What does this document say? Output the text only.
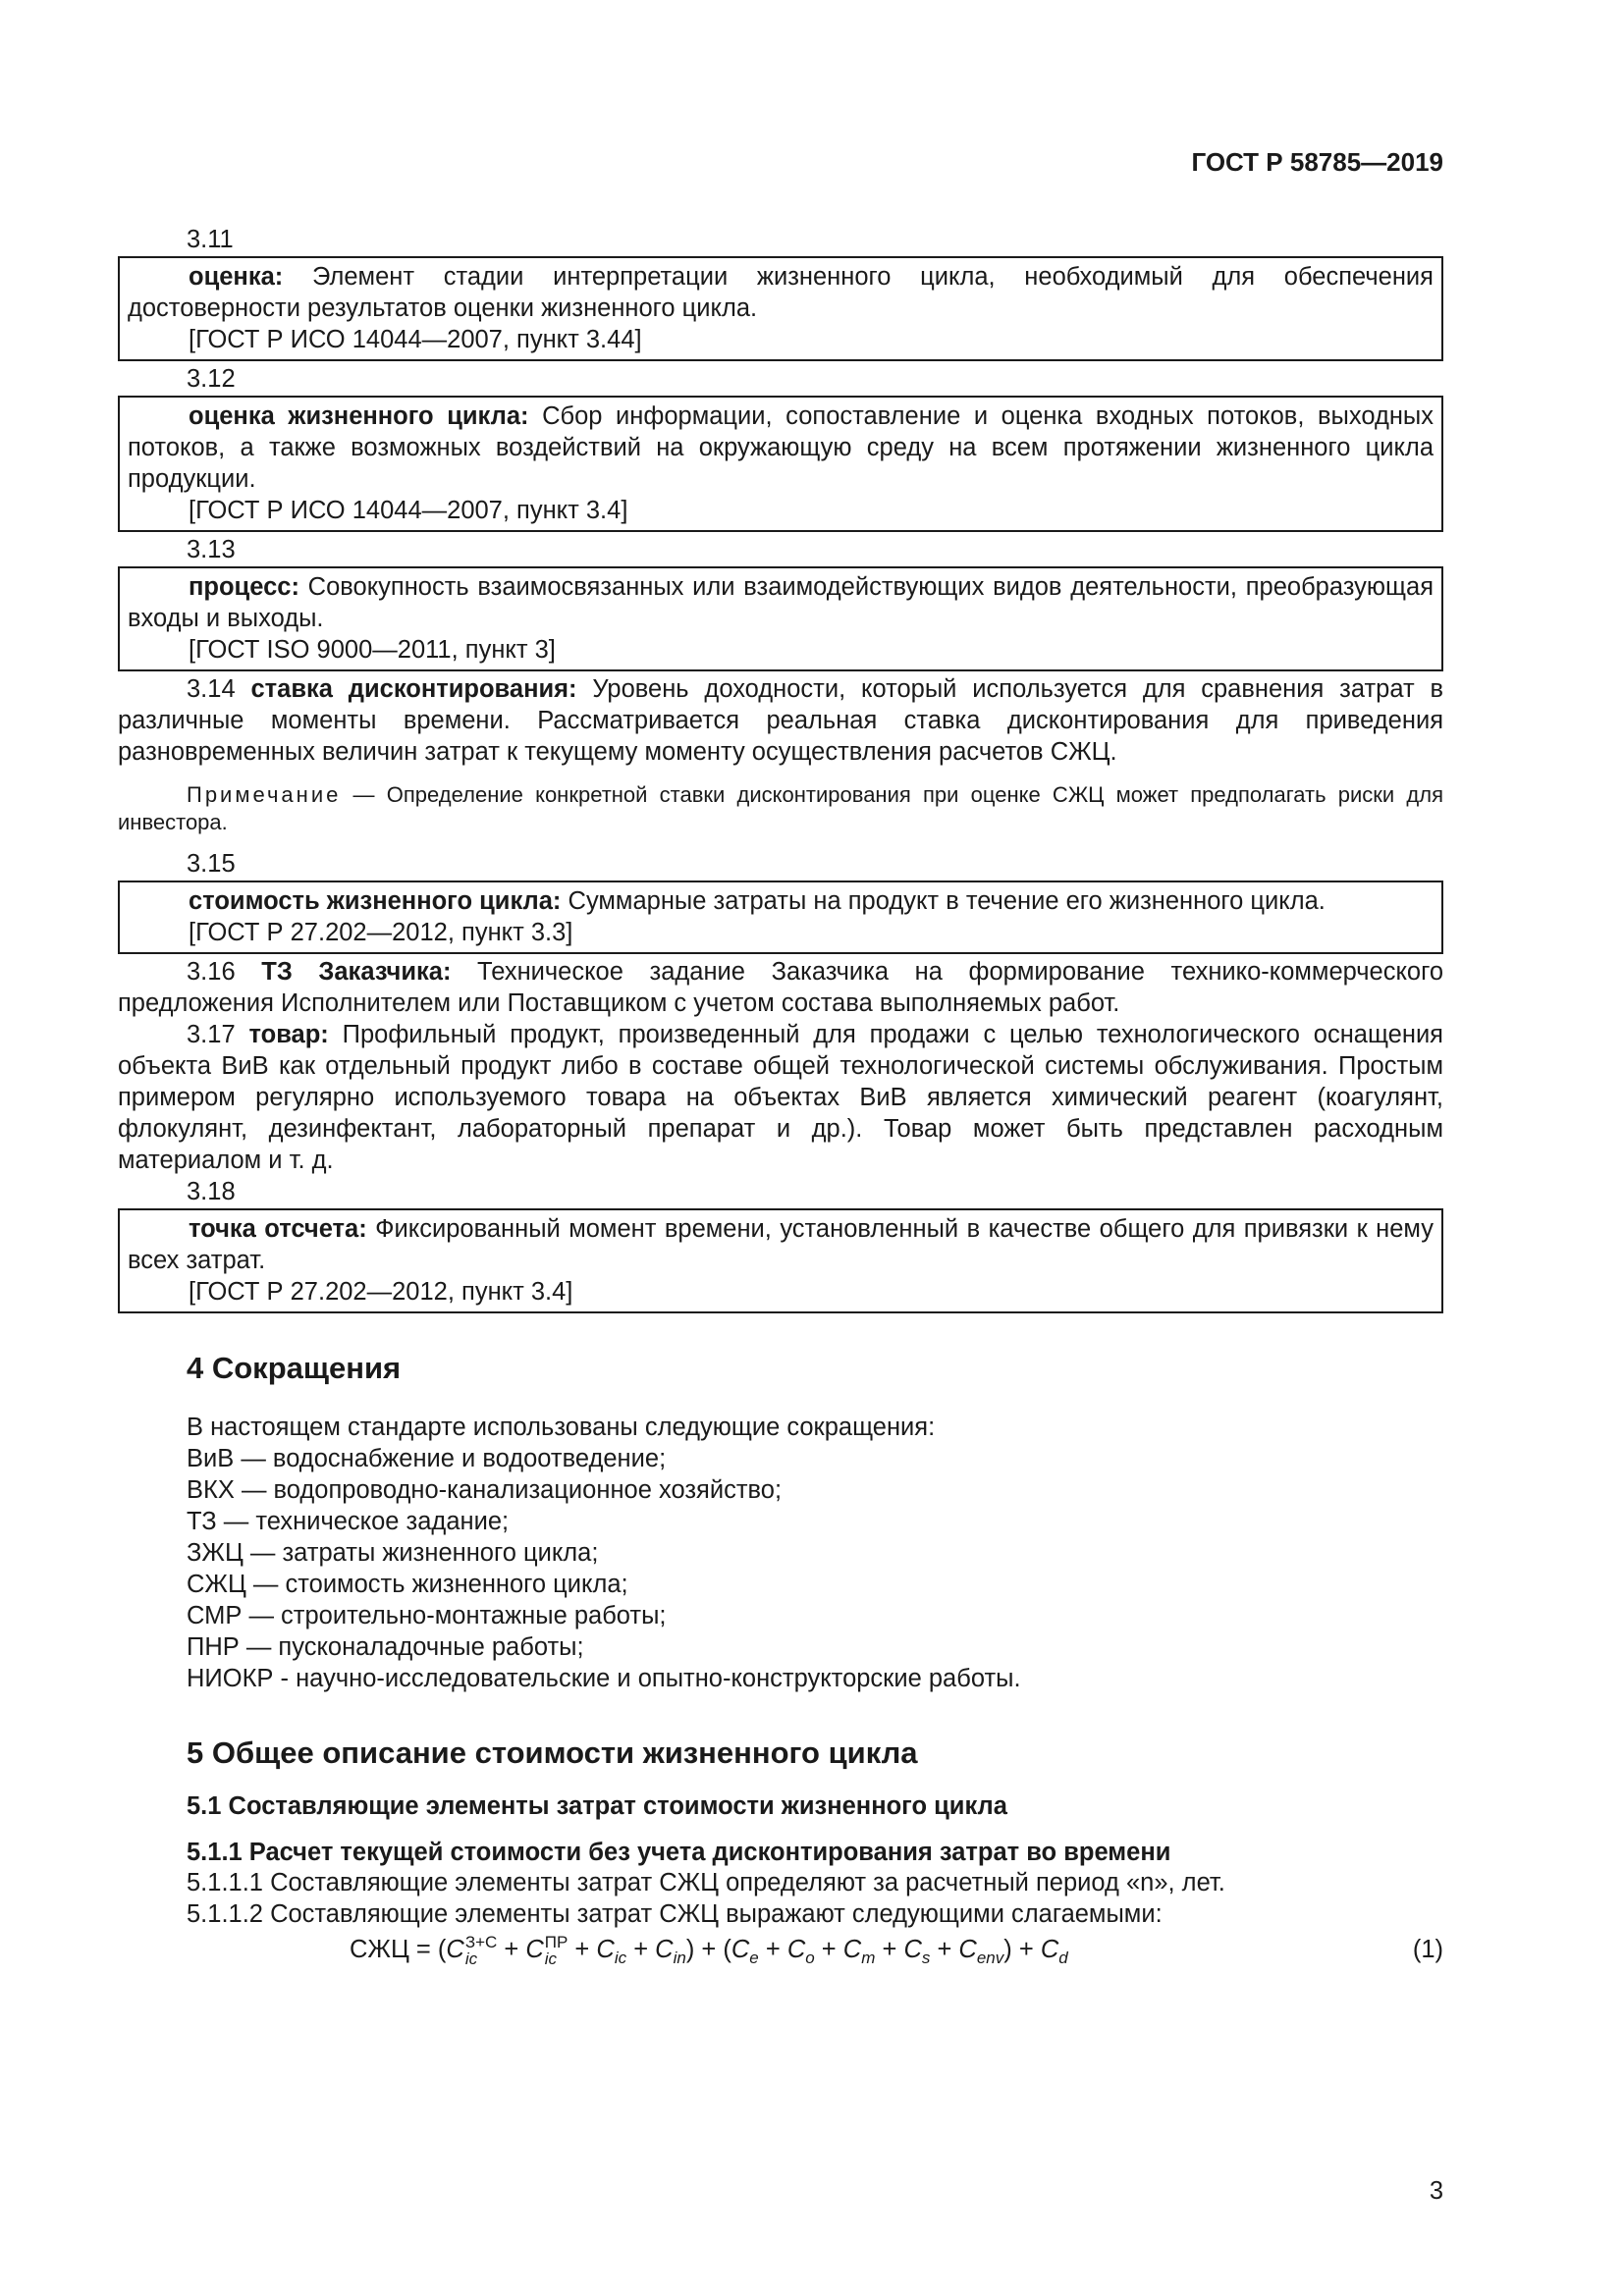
ГОСТ Р 58785—2019
3.11

оценка: Элемент стадии интерпретации жизненного цикла, необходимый для обеспечения достоверности результатов оценки жизненного цикла.

[ГОСТ Р ИСО 14044—2007, пункт 3.44]

3.12

оценка жизненного цикла: Сбор информации, сопоставление и оценка входных потоков, выходных потоков, а также возможных воздействий на окружающую среду на всем протяжении жизненного цикла продукции.

[ГОСТ Р ИСО 14044—2007, пункт 3.4]

3.13

процесс: Совокупность взаимосвязанных или взаимодействующих видов деятельности, преобразующая входы и выходы.

[ГОСТ ISO 9000—2011, пункт 3]

3.14 ставка дисконтирования: Уровень доходности, который используется для сравнения затрат в различные моменты времени. Рассматривается реальная ставка дисконтирования для приведения разновременных величин затрат к текущему моменту осуществления расчетов СЖЦ.

Примечание — Определение конкретной ставки дисконтирования при оценке СЖЦ может предполагать риски для инвестора.

3.15

стоимость жизненного цикла: Суммарные затраты на продукт в течение его жизненного цикла.

[ГОСТ Р 27.202—2012, пункт 3.3]

3.16 ТЗ Заказчика: Техническое задание Заказчика на формирование технико-коммерческого предложения Исполнителем или Поставщиком с учетом состава выполняемых работ.

3.17 товар: Профильный продукт, произведенный для продажи с целью технологического оснащения объекта ВиВ как отдельный продукт либо в составе общей технологической системы обслуживания. Простым примером регулярно используемого товара на объектах ВиВ является химический реагент (коагулянт, флокулянт, дезинфектант, лабораторный препарат и др.). Товар может быть представлен расходным материалом и т. д.

3.18

точка отсчета: Фиксированный момент времени, установленный в качестве общего для привязки к нему всех затрат.

[ГОСТ Р 27.202—2012, пункт 3.4]

4 Сокращения
В настоящем стандарте использованы следующие сокращения:
ВиВ — водоснабжение и водоотведение;
ВКХ — водопроводно-канализационное хозяйство;
ТЗ — техническое задание;
ЗЖЦ — затраты жизненного цикла;
СЖЦ — стоимость жизненного цикла;
СМР — строительно-монтажные работы;
ПНР — пусконаладочные работы;
НИОКР - научно-исследовательские и опытно-конструкторские работы.
5 Общее описание стоимости жизненного цикла
5.1 Составляющие элементы затрат стоимости жизненного цикла
5.1.1 Расчет текущей стоимости без учета дисконтирования затрат во времени
5.1.1.1 Составляющие элементы затрат СЖЦ определяют за расчетный период «n», лет.
5.1.1.2 Составляющие элементы затрат СЖЦ выражают следующими слагаемыми:
СЖЦ = (C З+С
ic + C ПР
ic + $C_{ic} + C_{in}) + (C_e + C_o + C_m + C_s + C_{env}) + C_d$	(1)
3
